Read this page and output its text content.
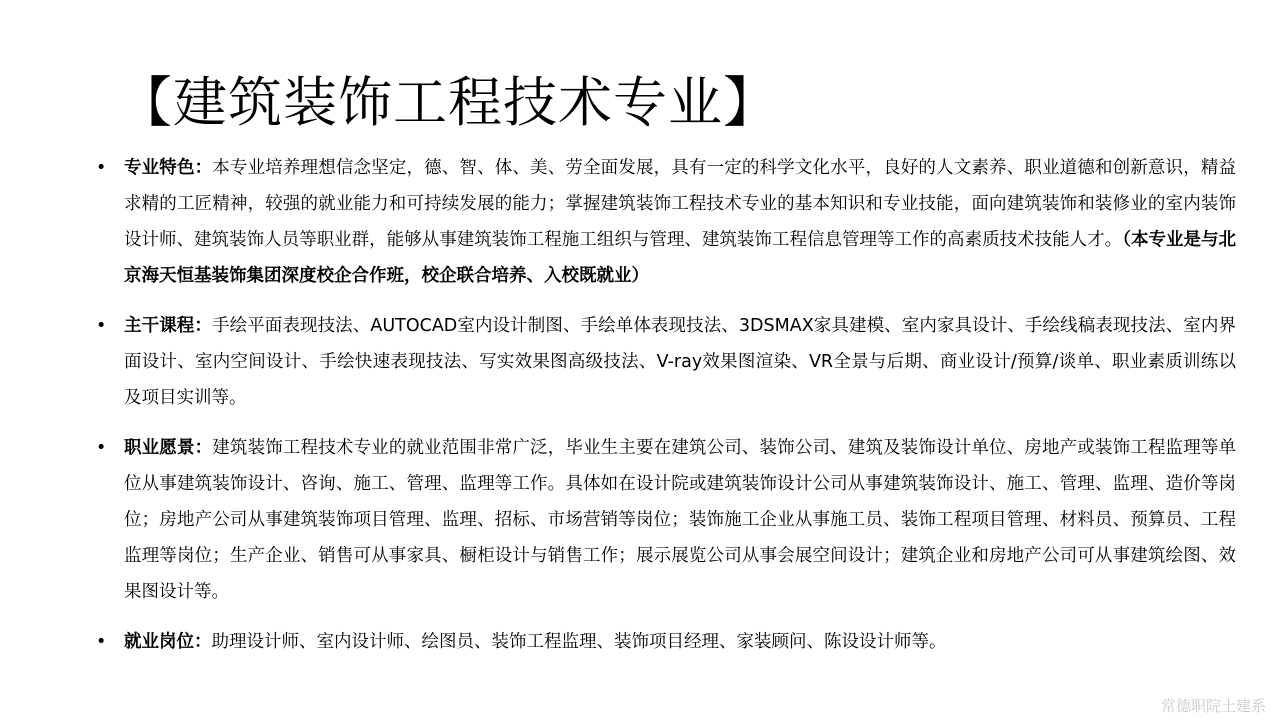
【建筑装饰工程技术专业】
• 专业特色：本专业培养理想信念坚定，德、智、体、美、劳全面发展，具有一定的科学文化水平，良好的人文素养、职业道德和创新意识，精益求精的工匠精神，较强的就业能力和可持续发展的能力；掌握建筑装饰工程技术专业的基本知识和专业技能，面向建筑装饰和装修业的室内装饰设计师、建筑装饰人员等职业群，能够从事建筑装饰工程施工组织与管理、建筑装饰工程信息管理等工作的高素质技术技能人才。（本专业是与北京海天恒基装饰集团深度校企合作班，校企联合培养、入校既就业）
• 主干课程：手绘平面表现技法、AUTOCAD室内设计制图、手绘单体表现技法、3DSMAX家具建模、室内家具设计、手绘线稿表现技法、室内界面设计、室内空间设计、手绘快速表现技法、写实效果图高级技法、V-ray效果图渲染、VR全景与后期、商业设计/预算/谈单、职业素质训练以及项目实训等。
• 职业愿景：建筑装饰工程技术专业的就业范围非常广泛，毕业生主要在建筑公司、装饰公司、建筑及装饰设计单位、房地产或装饰工程监理等单位从事建筑装饰设计、咨询、施工、管理、监理等工作。具体如在设计院或建筑装饰设计公司从事建筑装饰设计、施工、管理、监理、造价等岗位；房地产公司从事建筑装饰项目管理、监理、招标、市场营销等岗位；装饰施工企业从事施工员、装饰工程项目管理、材料员、预算员、工程监理等岗位；生产企业、销售可从事家具、橱柜设计与销售工作；展示展览公司从事会展空间设计；建筑企业和房地产公司可从事建筑绘图、效果图设计等。
• 就业岗位：助理设计师、室内设计师、绘图员、装饰工程监理、装饰项目经理、家装顾问、陈设设计师等。
常德职院土建系
